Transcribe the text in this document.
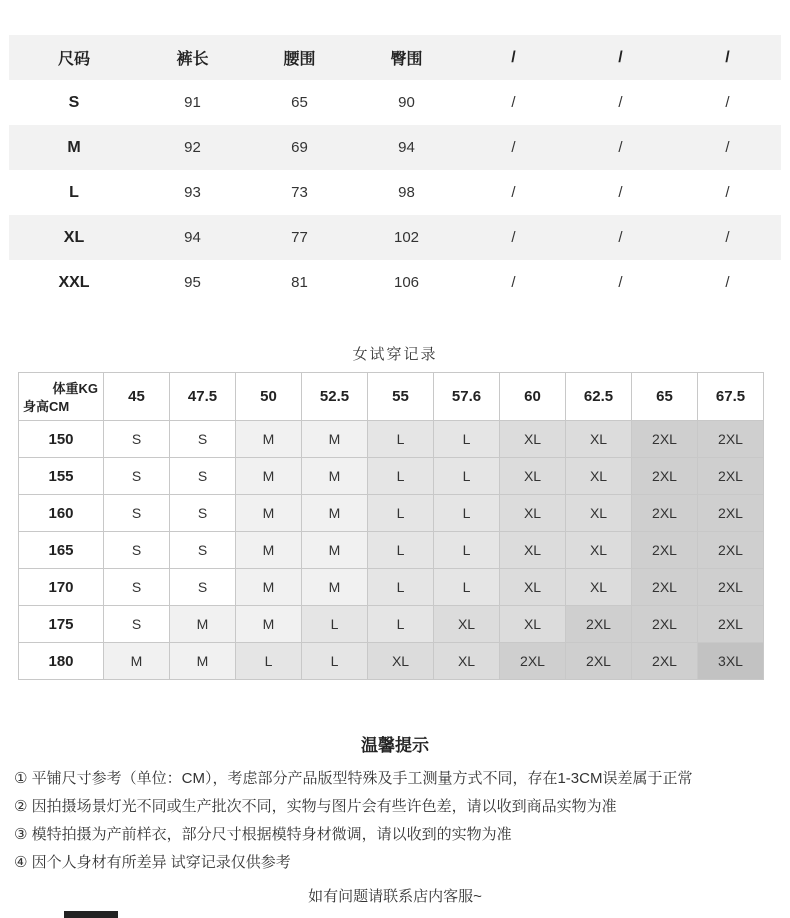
尺码	裤长	腰围	臀围	/	/	/
S	91	65	90	/	/	/
M	92	69	94	/	/	/
L	93	73	98	/	/	/
XL	94	77	102	/	/	/
XXL	95	81	106	/	/	/
女试穿记录
体重KG
身高CM	45	47.5	50	52.5	55	57.6	60	62.5	65	67.5
150	S	S	M	M	L	L	XL	XL	2XL	2XL
155	S	S	M	M	L	L	XL	XL	2XL	2XL
160	S	S	M	M	L	L	XL	XL	2XL	2XL
165	S	S	M	M	L	L	XL	XL	2XL	2XL
170	S	S	M	M	L	L	XL	XL	2XL	2XL
175	S	M	M	L	L	XL	XL	2XL	2XL	2XL
180	M	M	L	L	XL	XL	2XL	2XL	2XL	3XL
温馨提示
① 平铺尺寸参考（单位：CM），考虑部分产品版型特殊及手工测量方式不同，存在1-3CM误差属于正常
② 因拍摄场景灯光不同或生产批次不同，实物与图片会有些许色差，请以收到商品实物为准
③ 模特拍摄为产前样衣，部分尺寸根据模特身材微调，请以收到的实物为准
④ 因个人身材有所差异 试穿记录仅供参考
如有问题请联系店内客服~
